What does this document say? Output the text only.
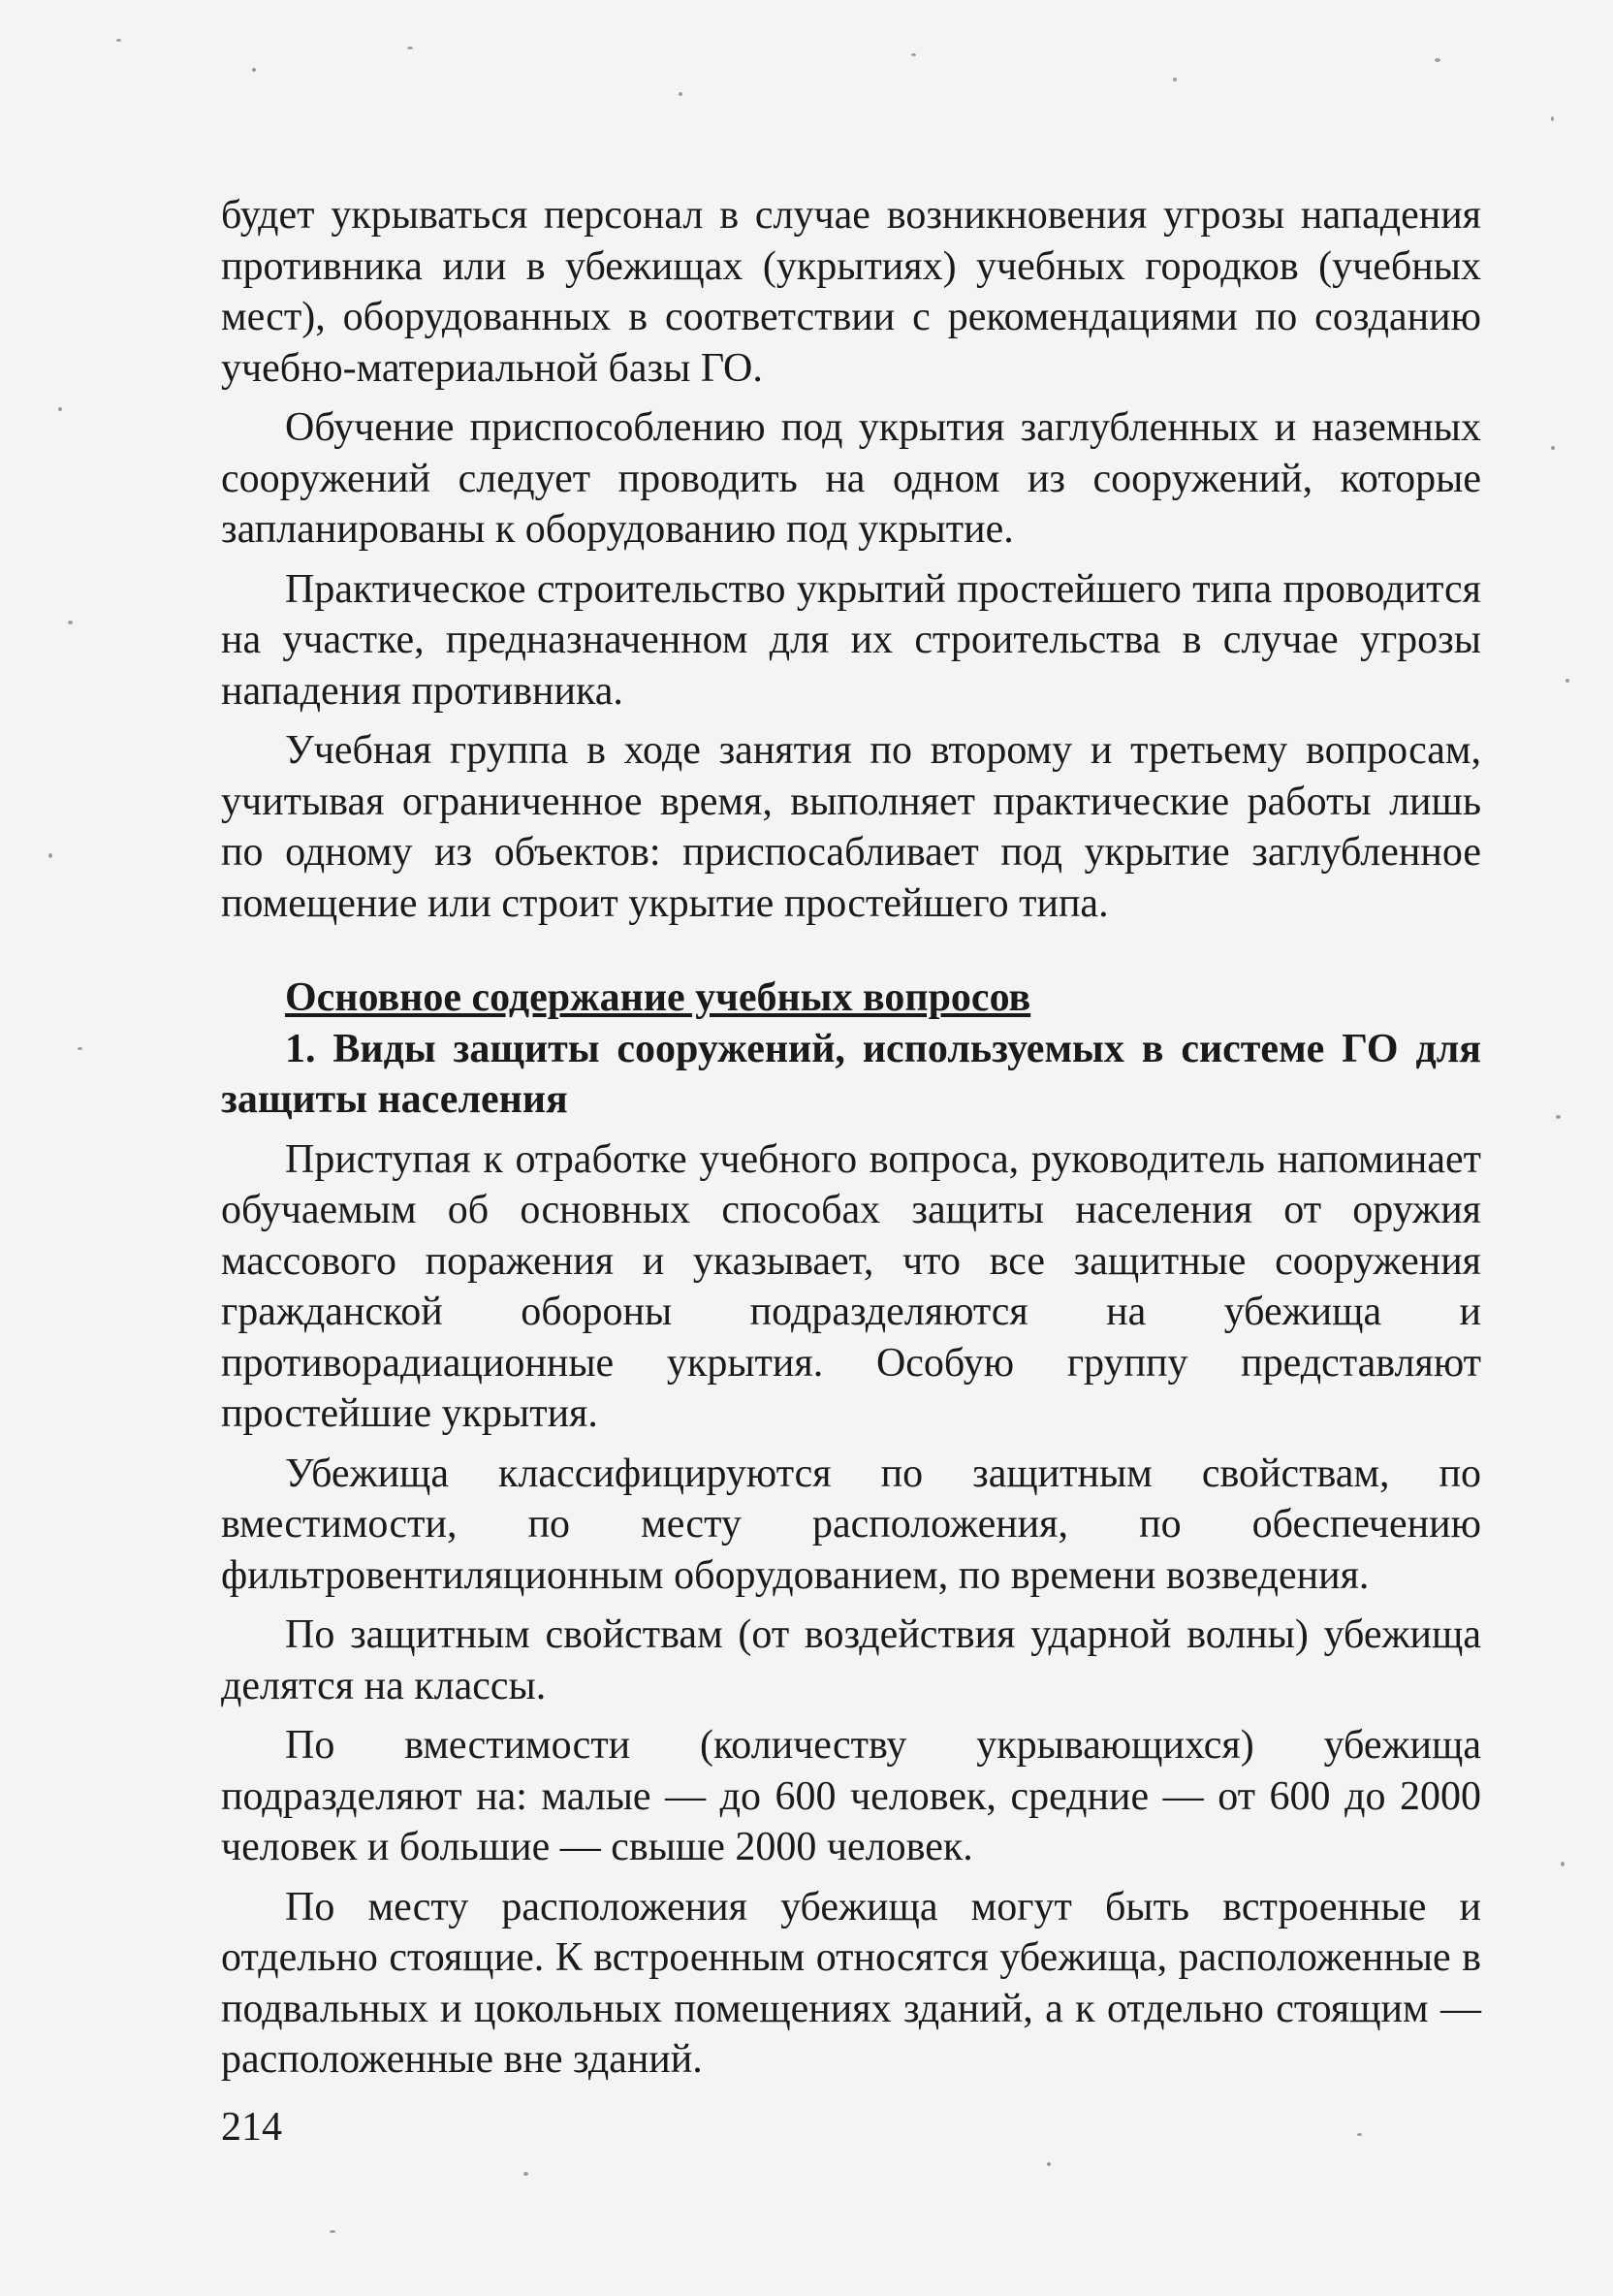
будет укрываться персонал в случае возникновения угрозы нападения противника или в убежищах (укрытиях) учебных городков (учебных мест), оборудованных в соответствии с рекомендациями по созданию учебно-материальной базы ГО.

Обучение приспособлению под укрытия заглубленных и наземных сооружений следует проводить на одном из сооружений, которые запланированы к оборудованию под укрытие.

Практическое строительство укрытий простейшего типа проводится на участке, предназначенном для их строительства в случае угрозы нападения противника.

Учебная группа в ходе занятия по второму и третьему вопросам, учитывая ограниченное время, выполняет практические работы лишь по одному из объектов: приспосабливает под укрытие заглубленное помещение или строит укрытие простейшего типа.

Основное содержание учебных вопросов

1. Виды защиты сооружений, используемых в системе ГО для защиты населения

Приступая к отработке учебного вопроса, руководитель напоминает обучаемым об основных способах защиты населения от оружия массового поражения и указывает, что все защитные сооружения гражданской обороны подразделяются на убежища и противорадиационные укрытия. Особую группу представляют простейшие укрытия.

Убежища классифицируются по защитным свойствам, по вместимости, по месту расположения, по обеспечению фильтровентиляционным оборудованием, по времени возведения.

По защитным свойствам (от воздействия ударной волны) убежища делятся на классы.

По вместимости (количеству укрывающихся) убежища подразделяют на: малые — до 600 человек, средние — от 600 до 2000 человек и большие — свыше 2000 человек.

По месту расположения убежища могут быть встроенные и отдельно стоящие. К встроенным относятся убежища, расположенные в подвальных и цокольных помещениях зданий, а к отдельно стоящим — расположенные вне зданий.

214
